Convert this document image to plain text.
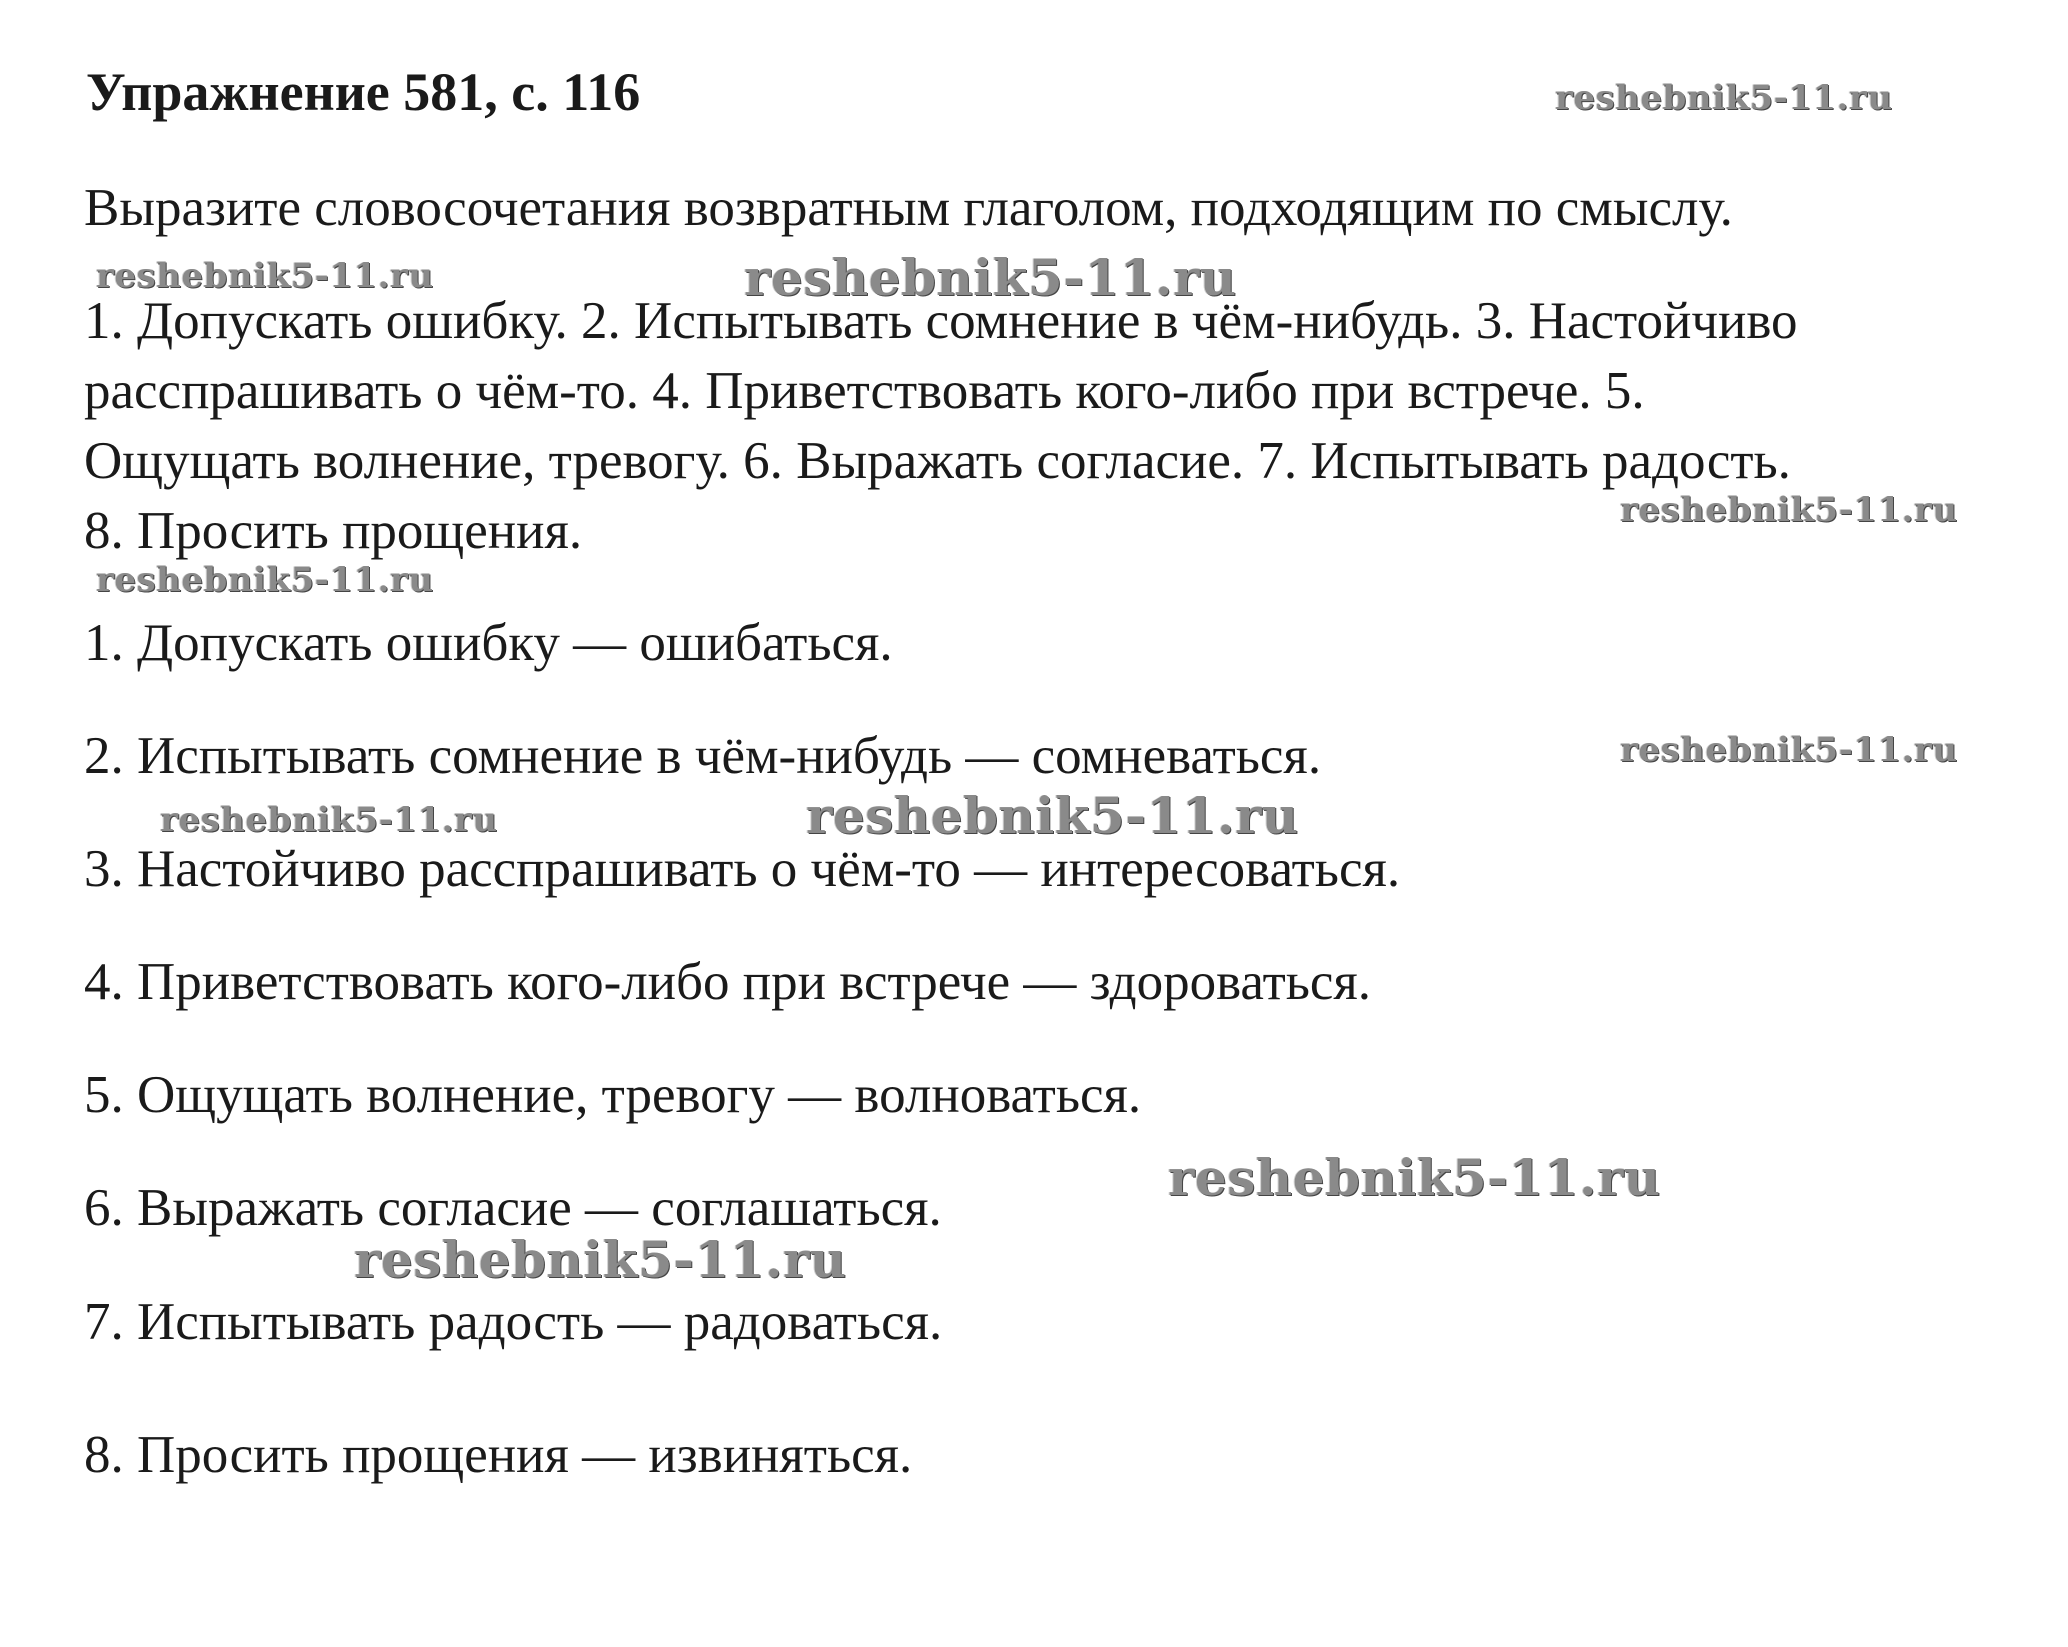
Упражнение 581, с. 116
Выразите словосочетания возвратным глаголом, подходящим по смыслу.

1. Допускать ошибку. 2. Испытывать сомнение в чём-нибудь. 3. Настойчиво

расспрашивать о чём-то. 4. Приветствовать кого-либо при встрече. 5.

Ощущать волнение, тревогу. 6. Выражать согласие. 7. Испытывать радость.

8. Просить прощения.

1. Допускать ошибку — ошибаться.
2. Испытывать сомнение в чём-нибудь — сомневаться.
3. Настойчиво расспрашивать о чём-то — интересоваться.
4. Приветствовать кого-либо при встрече — здороваться.
5. Ощущать волнение, тревогу — волноваться.
6. Выражать согласие — соглашаться.
7. Испытывать радость — радоваться.
8. Просить прощения — извиняться.
reshebnik5-11.ru
reshebnik5-11.ru	reshebnik5-11.ru
reshebnik5-11.ru
reshebnik5-11.ru
reshebnik5-11.ru
reshebnik5-11.ru	reshebnik5-11.ru
reshebnik5-11.ru
reshebnik5-11.ru
